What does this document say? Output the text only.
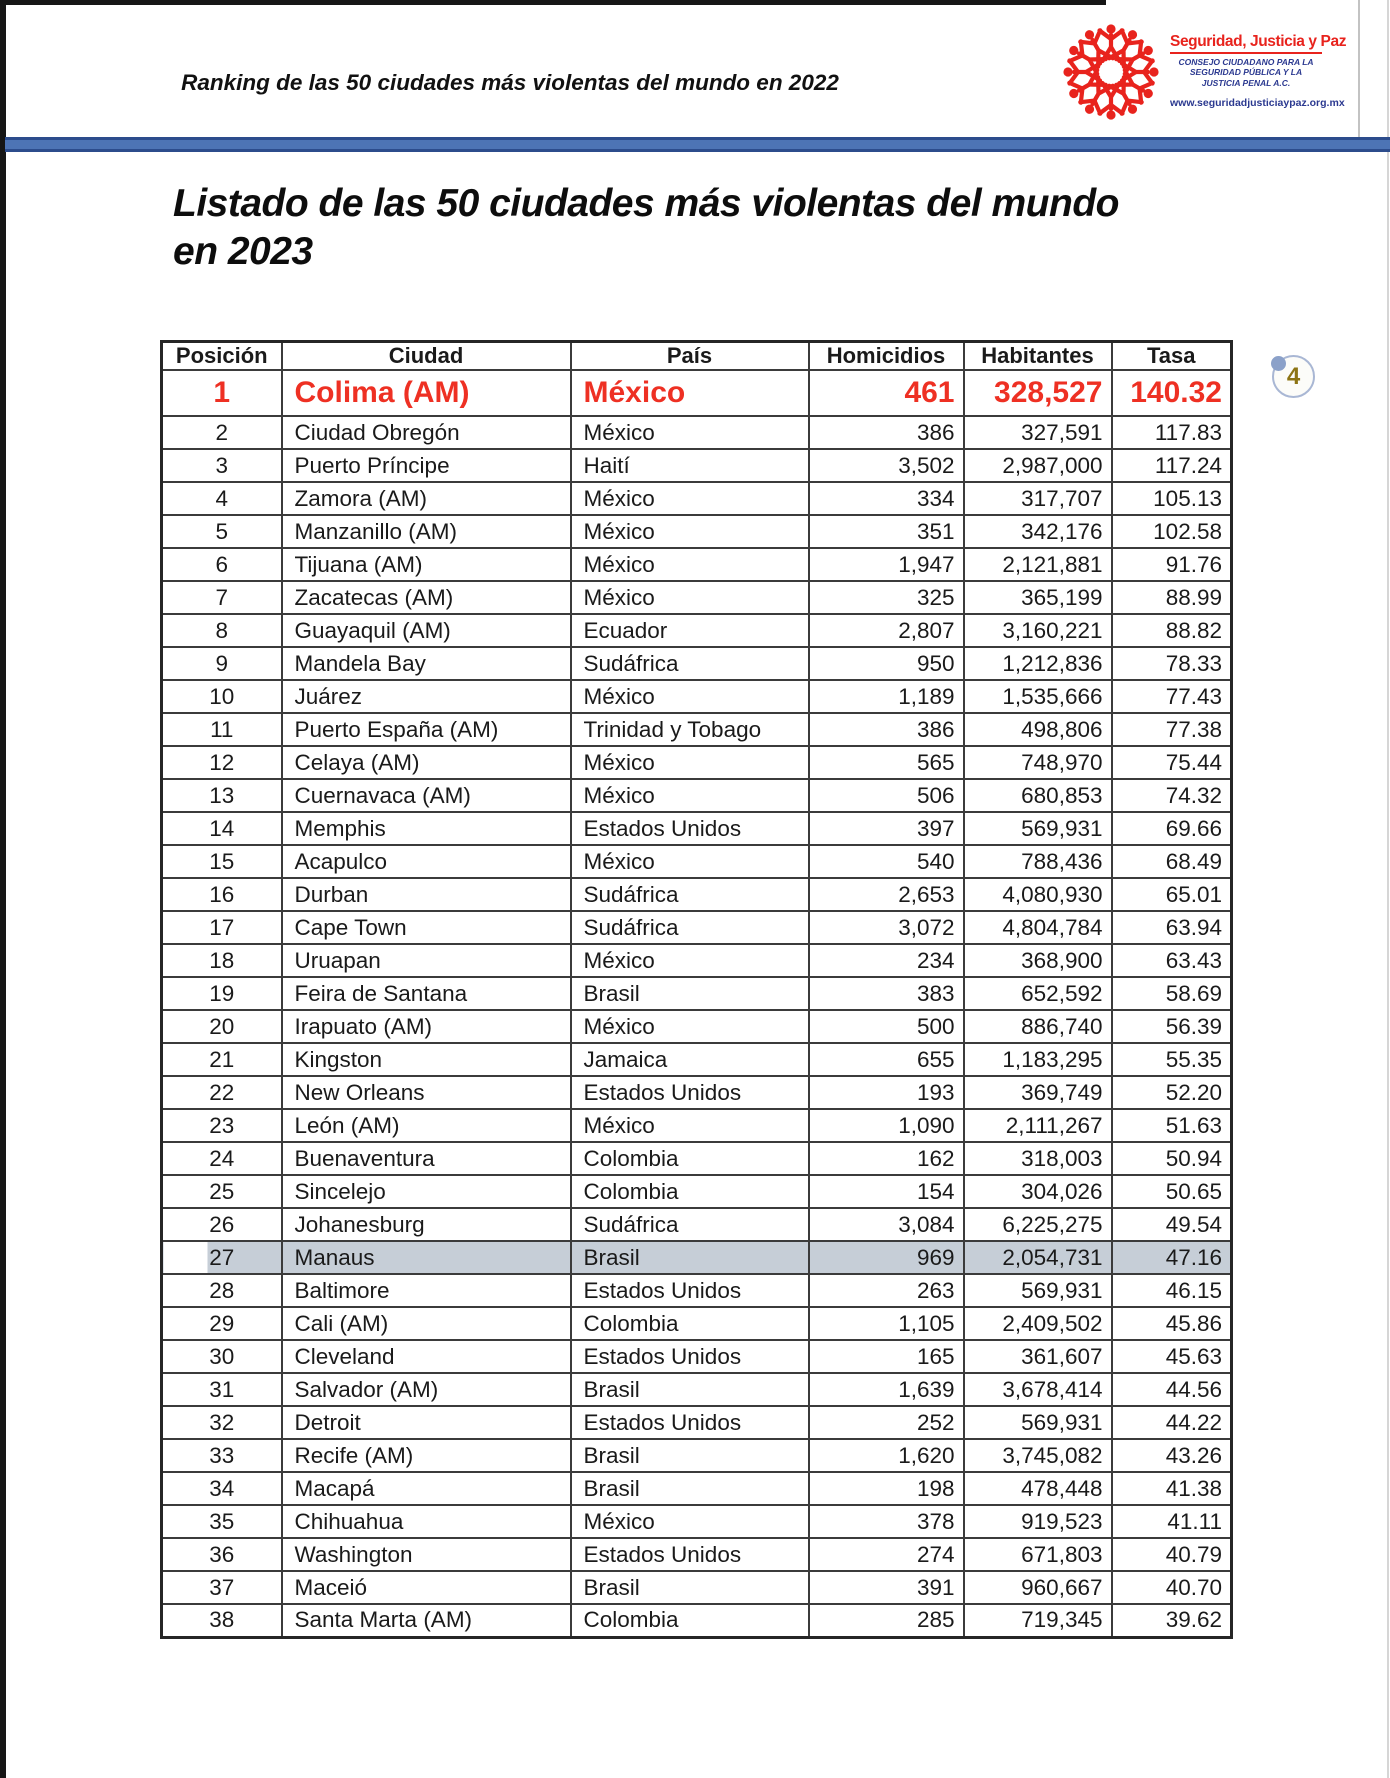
Ranking de las 50 ciudades más violentas del mundo en 2022
Seguridad, Justicia y Paz
CONSEJO CIUDADANO PARA LA
SEGURIDAD PÚBLICA Y LA JUSTICIA PENAL A.C.
www.seguridadjusticiaypaz.org.mx
Listado de las 50 ciudades más violentas del mundo
en 2023
4
Posición	Ciudad	País	Homicidios	Habitantes	Tasa
1	Colima (AM)	México	461	328,527	140.32
2	Ciudad Obregón	México	386	327,591	117.83
3	Puerto Príncipe	Haití	3,502	2,987,000	117.24
4	Zamora (AM)	México	334	317,707	105.13
5	Manzanillo (AM)	México	351	342,176	102.58
6	Tijuana (AM)	México	1,947	2,121,881	91.76
7	Zacatecas (AM)	México	325	365,199	88.99
8	Guayaquil (AM)	Ecuador	2,807	3,160,221	88.82
9	Mandela Bay	Sudáfrica	950	1,212,836	78.33
10	Juárez	México	1,189	1,535,666	77.43
11	Puerto España (AM)	Trinidad y Tobago	386	498,806	77.38
12	Celaya (AM)	México	565	748,970	75.44
13	Cuernavaca (AM)	México	506	680,853	74.32
14	Memphis	Estados Unidos	397	569,931	69.66
15	Acapulco	México	540	788,436	68.49
16	Durban	Sudáfrica	2,653	4,080,930	65.01
17	Cape Town	Sudáfrica	3,072	4,804,784	63.94
18	Uruapan	México	234	368,900	63.43
19	Feira de Santana	Brasil	383	652,592	58.69
20	Irapuato (AM)	México	500	886,740	56.39
21	Kingston	Jamaica	655	1,183,295	55.35
22	New Orleans	Estados Unidos	193	369,749	52.20
23	León (AM)	México	1,090	2,111,267	51.63
24	Buenaventura	Colombia	162	318,003	50.94
25	Sincelejo	Colombia	154	304,026	50.65
26	Johanesburg	Sudáfrica	3,084	6,225,275	49.54
27	Manaus	Brasil	969	2,054,731	47.16
28	Baltimore	Estados Unidos	263	569,931	46.15
29	Cali (AM)	Colombia	1,105	2,409,502	45.86
30	Cleveland	Estados Unidos	165	361,607	45.63
31	Salvador (AM)	Brasil	1,639	3,678,414	44.56
32	Detroit	Estados Unidos	252	569,931	44.22
33	Recife (AM)	Brasil	1,620	3,745,082	43.26
34	Macapá	Brasil	198	478,448	41.38
35	Chihuahua	México	378	919,523	41.11
36	Washington	Estados Unidos	274	671,803	40.79
37	Maceió	Brasil	391	960,667	40.70
38	Santa Marta (AM)	Colombia	285	719,345	39.62
